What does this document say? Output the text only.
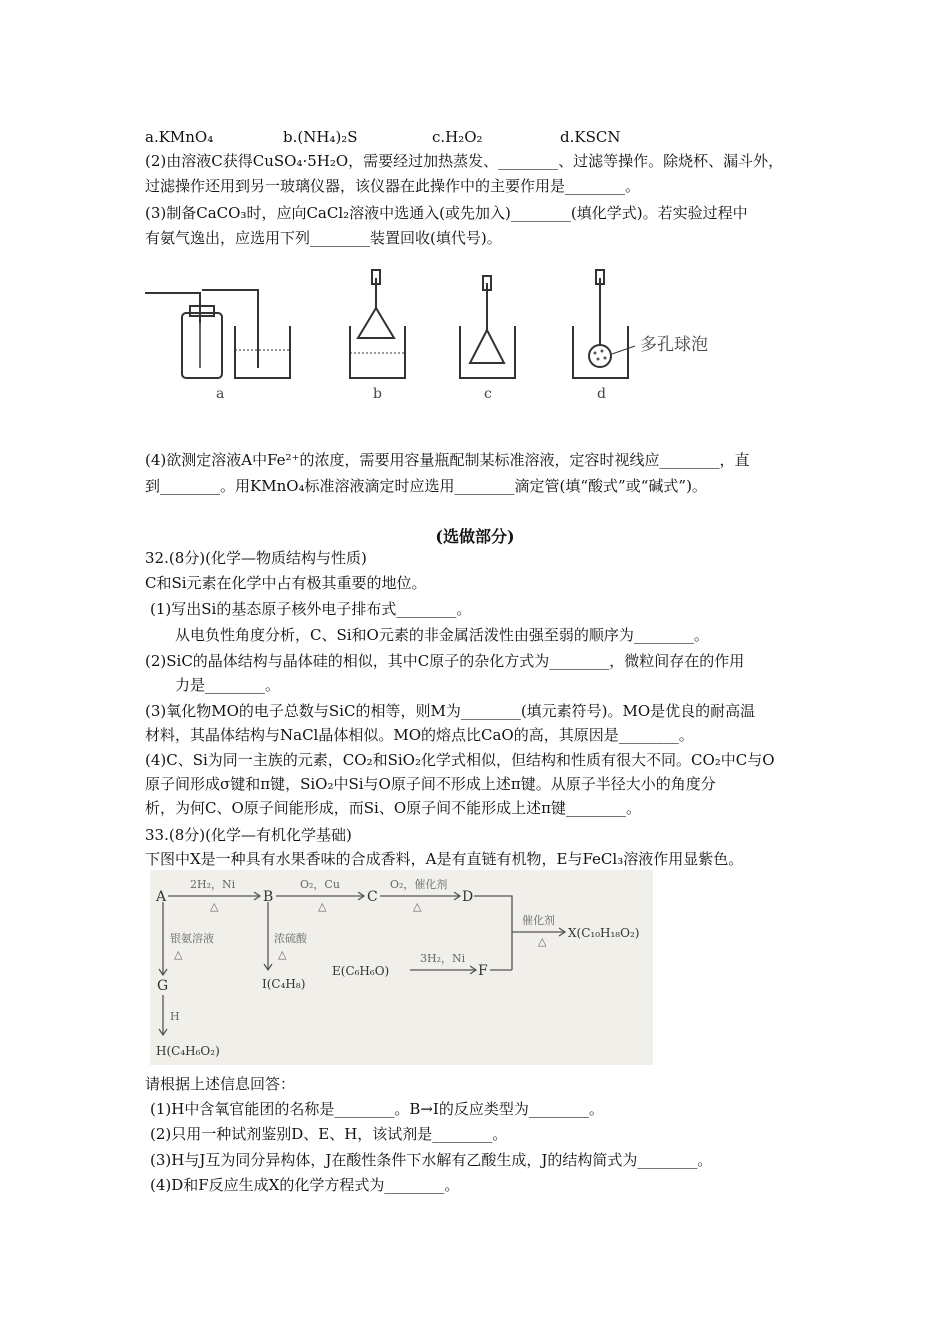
a.KMnO₄	b.(NH₄)₂S	c.H₂O₂	d.KSCN
(2)由溶液C获得CuSO₄·5H₂O，需要经过加热蒸发、________、过滤等操作。除烧杯、漏斗外，
过滤操作还用到另一玻璃仪器，该仪器在此操作中的主要作用是________。
(3)制备CaCO₃时，应向CaCl₂溶液中选通入(或先加入)________(填化学式)。若实验过程中
有氨气逸出，应选用下列________装置回收(填代号)。
多孔球泡
a	b	c	d
(4)欲测定溶液A中Fe²⁺的浓度，需要用容量瓶配制某标准溶液，定容时视线应________，直
到________。用KMnO₄标准溶液滴定时应选用________滴定管(填“酸式”或“碱式”)。
(选做部分)
32.(8分)(化学—物质结构与性质)
C和Si元素在化学中占有极其重要的地位。
(1)写出Si的基态原子核外电子排布式________。
从电负性角度分析，C、Si和O元素的非金属活泼性由强至弱的顺序为________。
(2)SiC的晶体结构与晶体硅的相似，其中C原子的杂化方式为________，微粒间存在的作用
力是________。
(3)氧化物MO的电子总数与SiC的相等，则M为________(填元素符号)。MO是优良的耐高温
材料，其晶体结构与NaCl晶体相似。MO的熔点比CaO的高，其原因是________。
(4)C、Si为同一主族的元素，CO₂和SiO₂化学式相似，但结构和性质有很大不同。CO₂中C与O
原子间形成σ键和π键，SiO₂中Si与O原子间不形成上述π键。从原子半径大小的角度分
析，为何C、O原子间能形成，而Si、O原子间不能形成上述π键________。
33.(8分)(化学—有机化学基础)
下图中X是一种具有水果香味的合成香料，A是有直链有机物，E与FeCl₃溶液作用显紫色。
A	B	C	D
G
H(C₄H₆O₂)
I(C₄H₈)
E(C₆H₆O)	F
X(C₁₀H₁₈O₂)
2H₂，Ni
△
O₂，Cu
△
O₂，催化剂
△
催化剂
△
银氨溶液
△
浓硫酸
△	3H₂，Ni
H
请根据上述信息回答：
(1)H中含氧官能团的名称是________。B→I的反应类型为________。
(2)只用一种试剂鉴别D、E、H，该试剂是________。
(3)H与J互为同分异构体，J在酸性条件下水解有乙酸生成，J的结构简式为________。
(4)D和F反应生成X的化学方程式为________。
